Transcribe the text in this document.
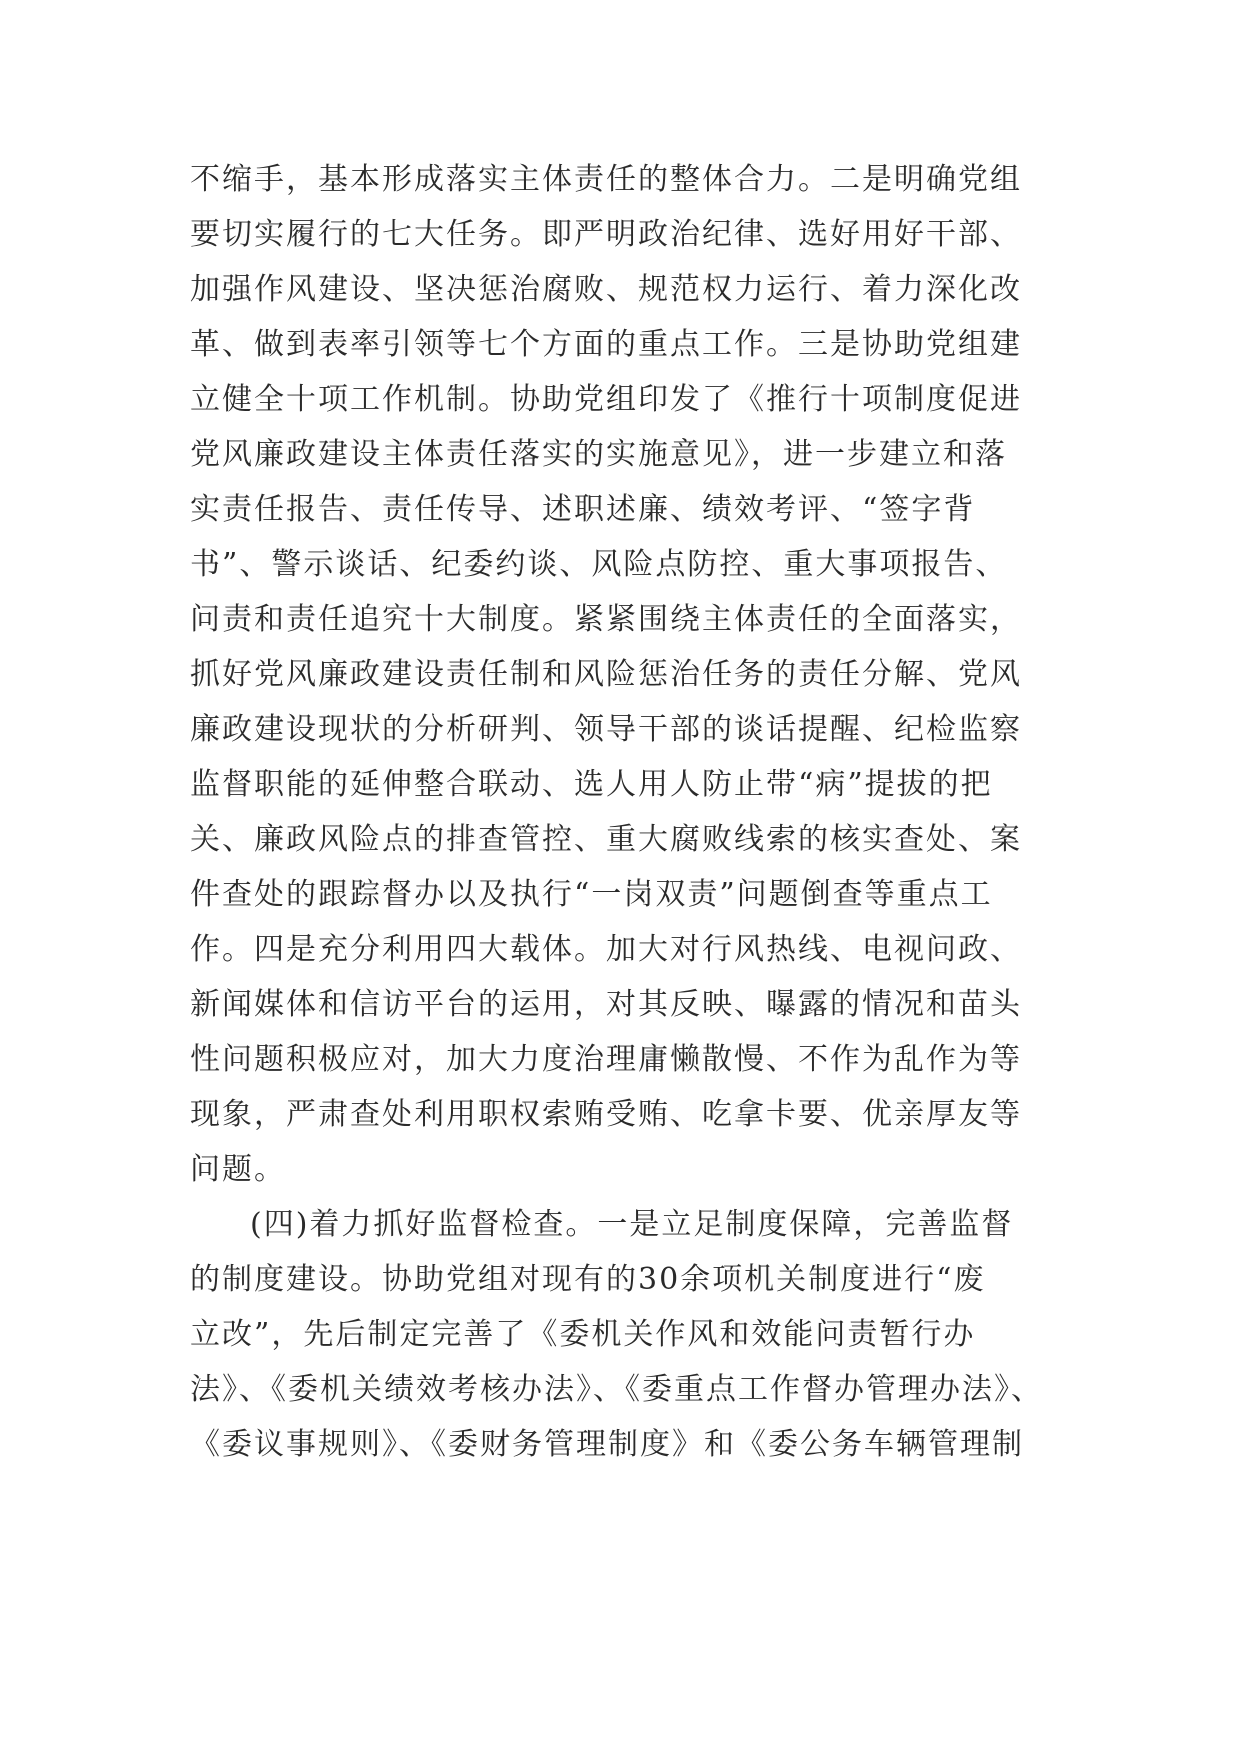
不缩手，基本形成落实主体责任的整体合力。二是明确党组
要切实履行的七大任务。即严明政治纪律、选好用好干部、
加强作风建设、坚决惩治腐败、规范权力运行、着力深化改
革、做到表率引领等七个方面的重点工作。三是协助党组建
立健全十项工作机制。协助党组印发了《推行十项制度促进
党风廉政建设主体责任落实的实施意见》，进一步建立和落
实责任报告、责任传导、述职述廉、绩效考评、“签字背
书”、警示谈话、纪委约谈、风险点防控、重大事项报告、
问责和责任追究十大制度。紧紧围绕主体责任的全面落实，
抓好党风廉政建设责任制和风险惩治任务的责任分解、党风
廉政建设现状的分析研判、领导干部的谈话提醒、纪检监察
监督职能的延伸整合联动、选人用人防止带“病”提拔的把
关、廉政风险点的排查管控、重大腐败线索的核实查处、案
件查处的跟踪督办以及执行“一岗双责”问题倒查等重点工
作。四是充分利用四大载体。加大对行风热线、电视问政、
新闻媒体和信访平台的运用，对其反映、曝露的情况和苗头
性问题积极应对，加大力度治理庸懒散慢、不作为乱作为等
现象，严肃查处利用职权索贿受贿、吃拿卡要、优亲厚友等
问题。
(四)着力抓好监督检查。一是立足制度保障，完善监督
的制度建设。协助党组对现有的30余项机关制度进行“废
立改”，先后制定完善了《委机关作风和效能问责暂行办
法》、《委机关绩效考核办法》、《委重点工作督办管理办法》、
《委议事规则》、《委财务管理制度》和《委公务车辆管理制
